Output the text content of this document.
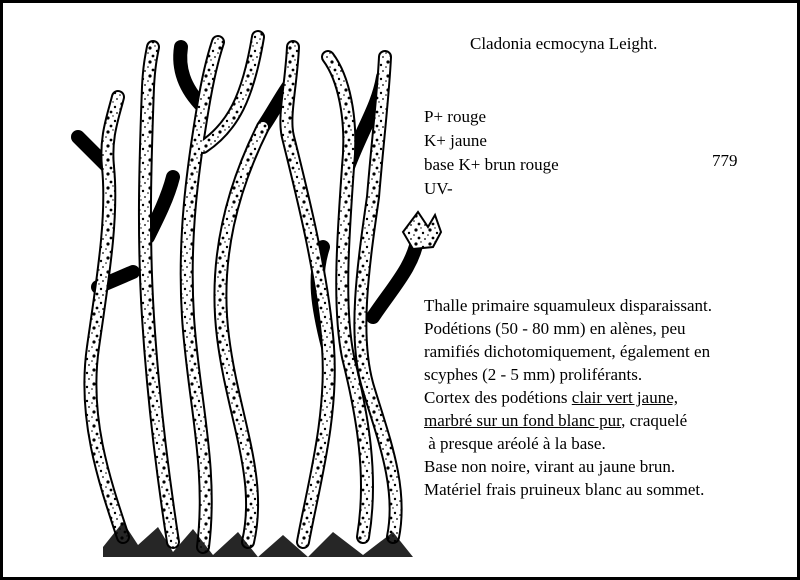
Cladonia ecmocyna Leight.
P+ rouge
K+ jaune
base K+ brun rouge
UV-
779
Thalle primaire squamuleux disparaissant.
Podétions (50 - 80 mm) en alènes, peu
ramifiés dichotomiquement, également en
scyphes (2 - 5 mm) proliférants.
Cortex des podétions clair vert jaune,
marbré sur un fond blanc pur, craquelé
à presque aréolé à la base.
Base non noire, virant au jaune brun.
Matériel frais pruineux blanc au sommet.
